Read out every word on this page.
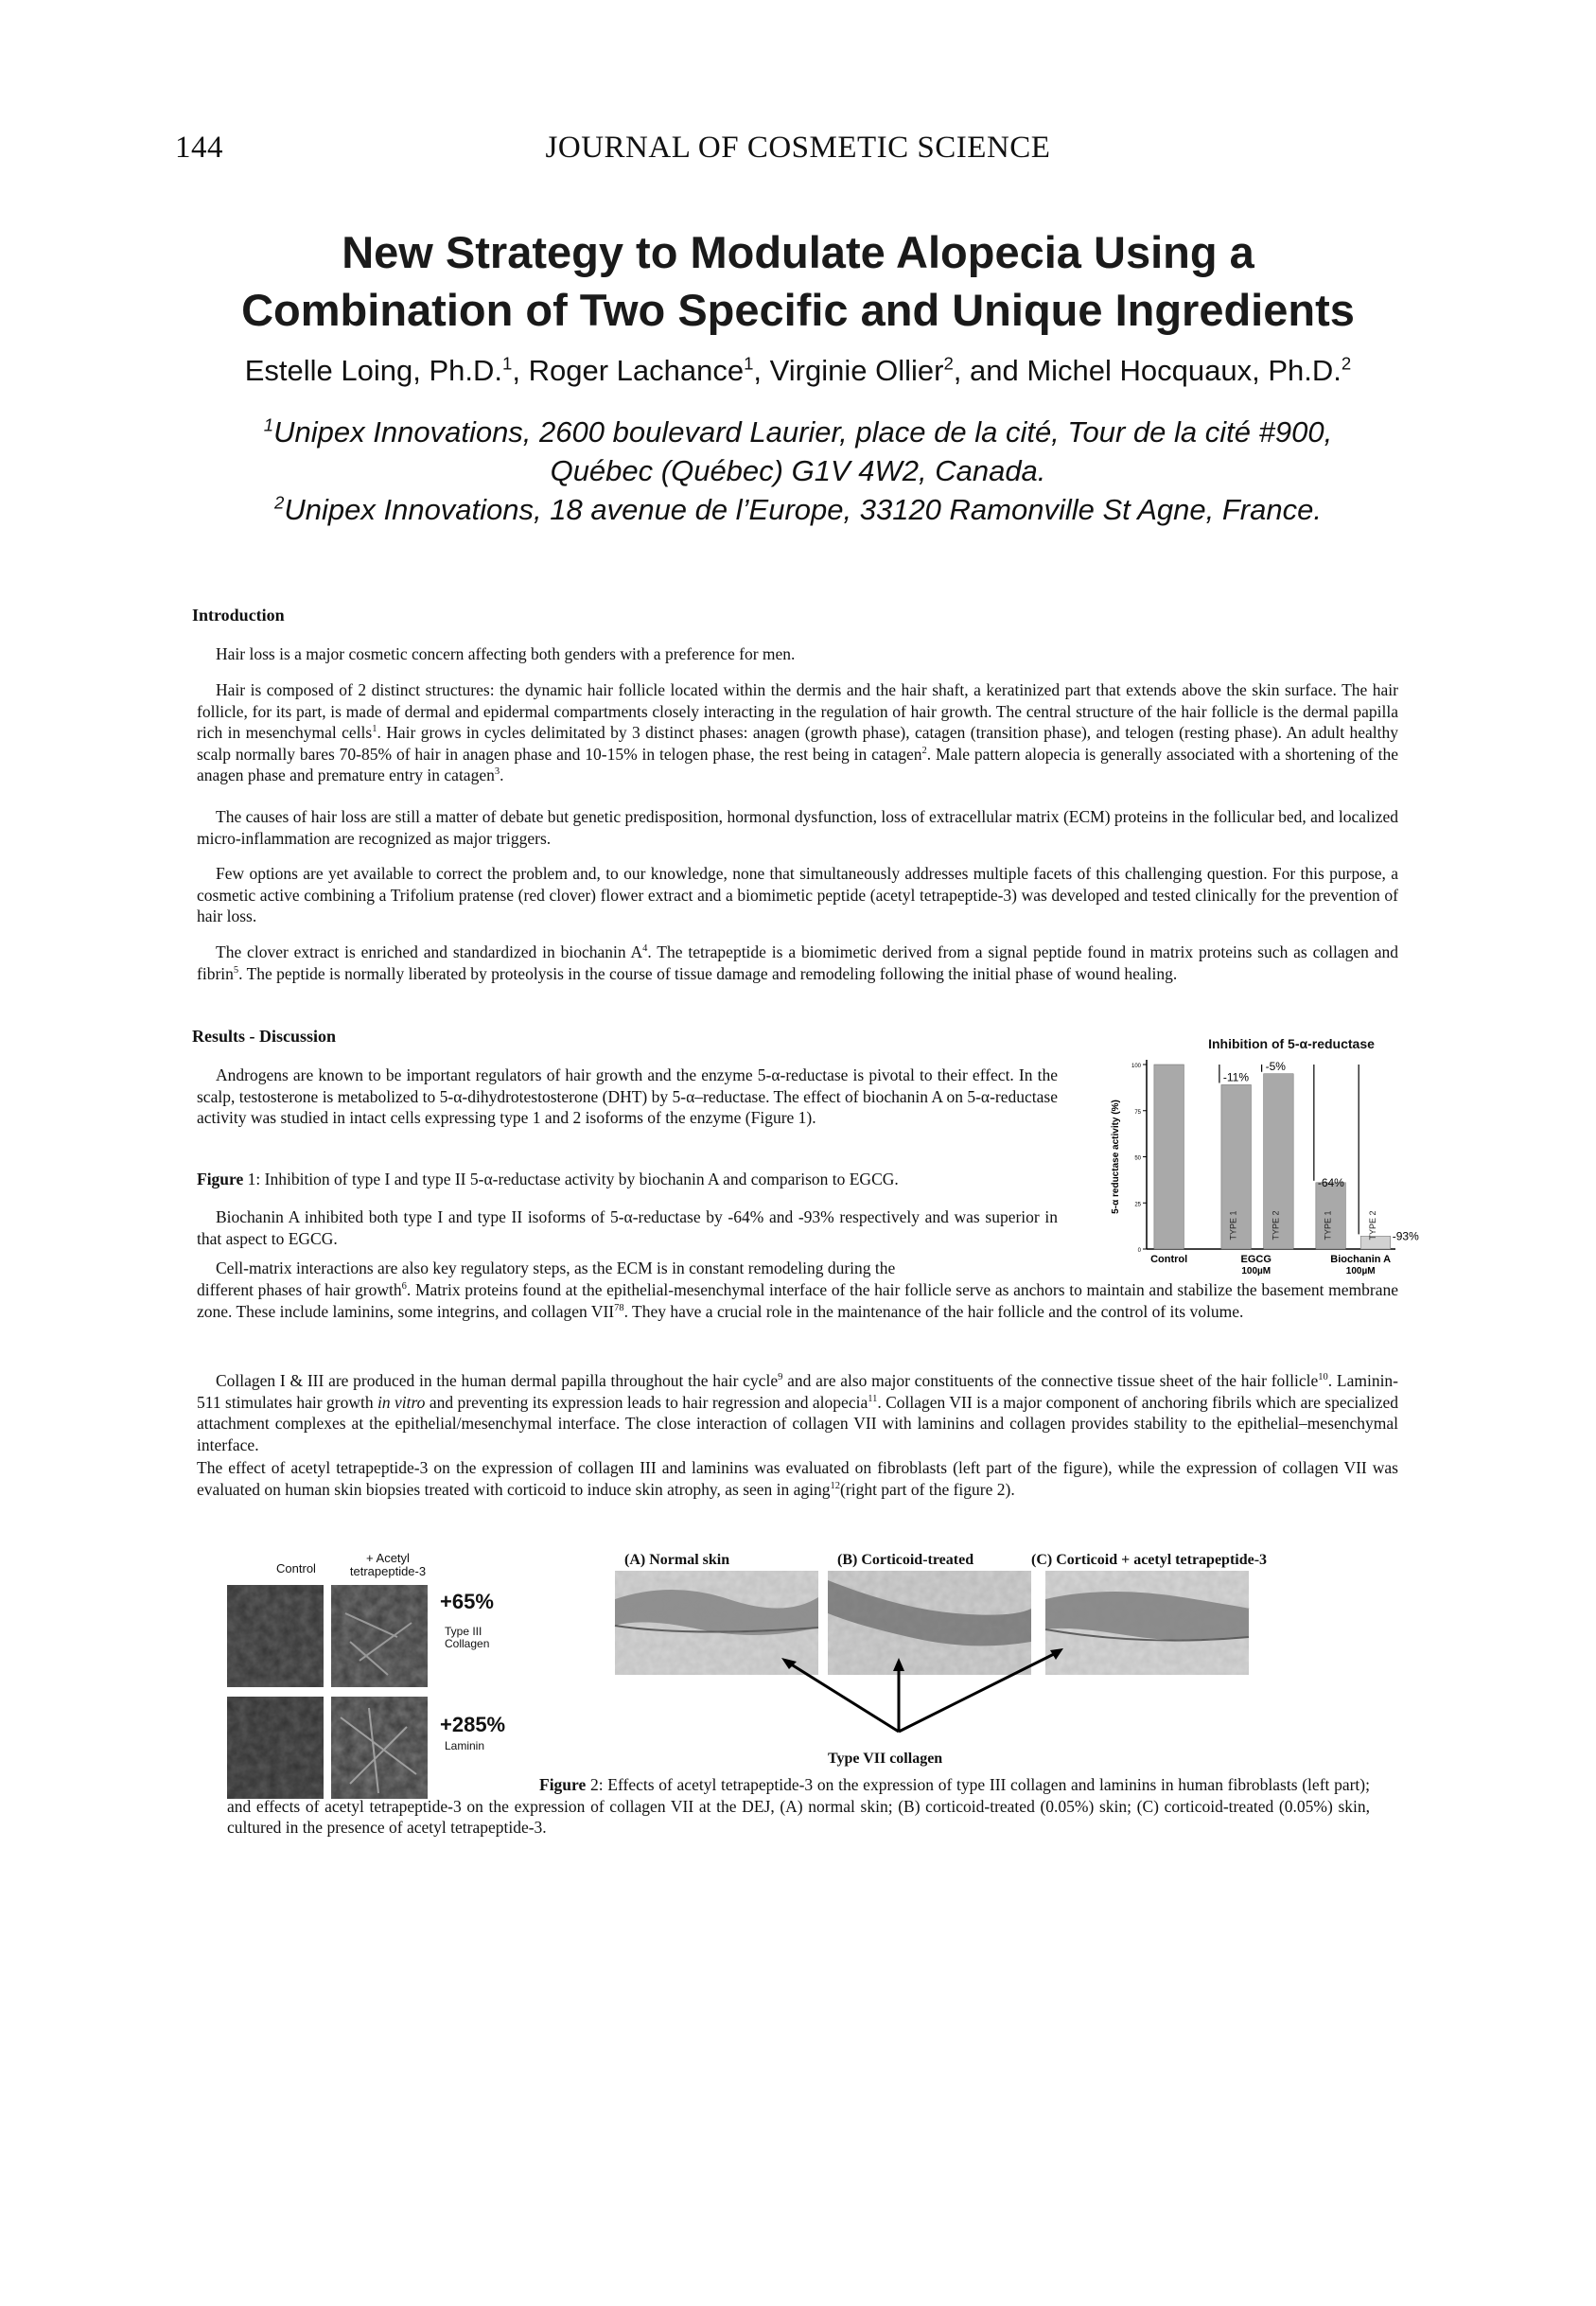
144	JOURNAL OF COSMETIC SCIENCE
New Strategy to Modulate Alopecia Using a
Combination of Two Specific and Unique Ingredients
Estelle Loing, Ph.D.$^1$, Roger Lachance$^1$, Virginie Ollier$^2$, and Michel Hocquaux, Ph.D.$^2$
$^1$Unipex Innovations, 2600 boulevard Laurier, place de la cité, Tour de la cité #900,
Québec (Québec) G1V 4W2, Canada.
$^2$Unipex Innovations, 18 avenue de l’Europe, 33120 Ramonville St Agne, France.
Introduction

Hair loss is a major cosmetic concern affecting both genders with a preference for men.

Hair is composed of 2 distinct structures: the dynamic hair follicle located within the dermis and the hair shaft, a keratinized part that extends above the skin surface. The hair follicle, for its part, is made of dermal and epidermal compartments closely interacting in the regulation of hair growth. The central structure of the hair follicle is the dermal papilla rich in mesenchymal cells$^1$. Hair grows in cycles delimitated by 3 distinct phases: anagen (growth phase), catagen (transition phase), and telogen (resting phase). An adult healthy scalp normally bares 70-85% of hair in anagen phase and 10-15% in telogen phase, the rest being in catagen$^2$. Male pattern alopecia is generally associated with a shortening of the anagen phase and premature entry in catagen$^3$.

The causes of hair loss are still a matter of debate but genetic predisposition, hormonal dysfunction, loss of extracellular matrix (ECM) proteins in the follicular bed, and localized micro-inflammation are recognized as major triggers.

Few options are yet available to correct the problem and, to our knowledge, none that simultaneously addresses multiple facets of this challenging question. For this purpose, a cosmetic active combining a Trifolium pratense (red clover) flower extract and a biomimetic peptide (acetyl tetrapeptide-3) was developed and tested clinically for the prevention of hair loss.

The clover extract is enriched and standardized in biochanin $A^4$. The tetrapeptide is a biomimetic derived from a signal peptide found in matrix proteins such as collagen and fibrin$^5$. The peptide is normally liberated by proteolysis in the course of tissue damage and remodeling following the initial phase of wound healing.

Results - Discussion

Androgens are known to be important regulators of hair growth and the enzyme 5-α-reductase is pivotal to their effect. In the scalp, testosterone is metabolized to 5-α-dihydrotestosterone (DHT) by 5-α–reductase. The effect of biochanin A on 5-α-reductase activity was studied in intact cells expressing type 1 and 2 isoforms of the enzyme (Figure 1).

Figure 1: Inhibition of type I and type II 5-α-reductase activity by biochanin A and comparison to EGCG.

Biochanin A inhibited both type I and type II isoforms of 5-α-reductase by -64% and -93% respectively and was superior in that aspect to EGCG.

Cell-matrix interactions are also key regulatory steps, as the ECM is in constant remodeling during the

different phases of hair growth$^6$. Matrix proteins found at the epithelial-mesenchymal interface of the hair follicle serve as anchors to maintain and stabilize the basement membrane zone. These include laminins, some integrins, and collagen VII$^{78}$. They have a crucial role in the maintenance of the hair follicle and the control of its volume.

Collagen I & III are produced in the human dermal papilla throughout the hair cycle$^9$ and are also major constituents of the connective tissue sheet of the hair follicle$^{10}$. Laminin-511 stimulates hair growth in vitro and preventing its expression leads to hair regression and alopecia$^{11}$. Collagen VII is a major component of anchoring fibrils which are specialized attachment complexes at the epithelial/mesenchymal interface. The close interaction of collagen VII with laminins and collagen provides stability to the epithelial–mesenchymal interface.

The effect of acetyl tetrapeptide-3 on the expression of collagen III and laminins was evaluated on fibroblasts (left part of the figure), while the expression of collagen VII was evaluated on human skin biopsies treated with corticoid to induce skin atrophy, as seen in aging$^{12}$(right part of the figure 2).

Inhibition of 5-α-reductase
0
25
50
75
100
5-α reductase activity (%)
TYPE 1
-11%
TYPE 2
-5%
TYPE 1
-64%
TYPE 2 -93%
Control	EGCG
100µM
Biochanin A
100µM
Control
+ Acetyl
tetrapeptide-3
+65%
Type III
Collagen
+285%
Laminin
(A) Normal skin	(B) Corticoid-treated	(C) Corticoid + acetyl tetrapeptide-3
Type VII collagen

Figure 2: Effects of acetyl tetrapeptide-3 on the expression of type III collagen and laminins in human fibroblasts (left part); and effects of acetyl tetrapeptide-3 on the expression of collagen VII at the DEJ, (A) normal skin; (B) corticoid-treated (0.05%) skin; (C) corticoid-treated (0.05%) skin, cultured in the presence of acetyl tetrapeptide-3.
